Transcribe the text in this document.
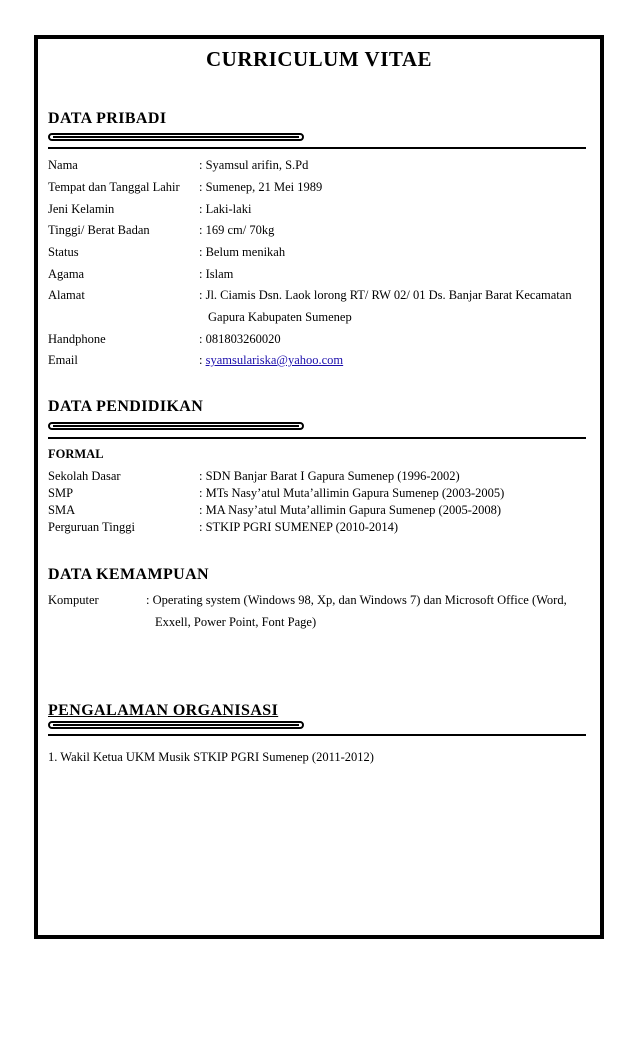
CURRICULUM VITAE
DATA PRIBADI
Nama	: Syamsul arifin, S.Pd
Tempat dan Tanggal Lahir : Sumenep, 21 Mei 1989
Jeni Kelamin	: Laki-laki
Tinggi/ Berat Badan	: 169 cm/ 70kg
Status	: Belum menikah
Agama	: Islam
Alamat	: Jl. Ciamis Dsn. Laok lorong RT/ RW 02/ 01 Ds. Banjar Barat Kecamatan
Gapura Kabupaten Sumenep
Handphone	: 081803260020
Email	: syamsulariska@yahoo.com
DATA PENDIDIKAN
FORMAL
Sekolah Dasar	: SDN Banjar Barat I Gapura Sumenep (1996-2002)
SMP	: MTs Nasy’atul Muta’allimin Gapura Sumenep (2003-2005)
SMA	: MA Nasy’atul Muta’allimin Gapura Sumenep (2005-2008)
Perguruan Tinggi	: STKIP PGRI SUMENEP (2010-2014)
DATA KEMAMPUAN
Komputer	: Operating system (Windows 98, Xp, dan Windows 7) dan Microsoft Office (Word,
Exxell, Power Point, Font Page)
PENGALAMAN ORGANISASI
1. Wakil Ketua UKM Musik STKIP PGRI Sumenep (2011-2012)
